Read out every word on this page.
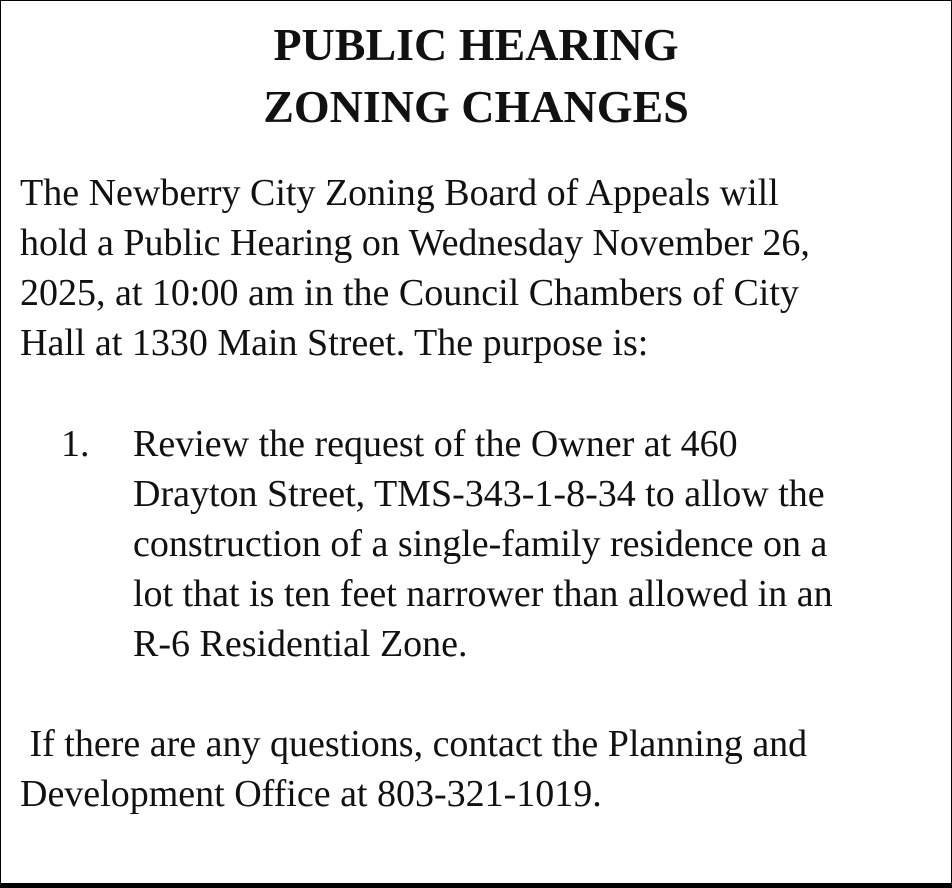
PUBLIC HEARING
ZONING CHANGES

The Newberry City Zoning Board of Appeals will
hold a Public Hearing on Wednesday November 26,
2025, at 10:00 am in the Council Chambers of City
Hall at 1330 Main Street. The purpose is:

1. Review the request of the Owner at 460
Drayton Street, TMS-343-1-8-34 to allow the
construction of a single-family residence on a
lot that is ten feet narrower than allowed in an
R-6 Residential Zone.

If there are any questions, contact the Planning and
Development Office at 803-321-1019.
